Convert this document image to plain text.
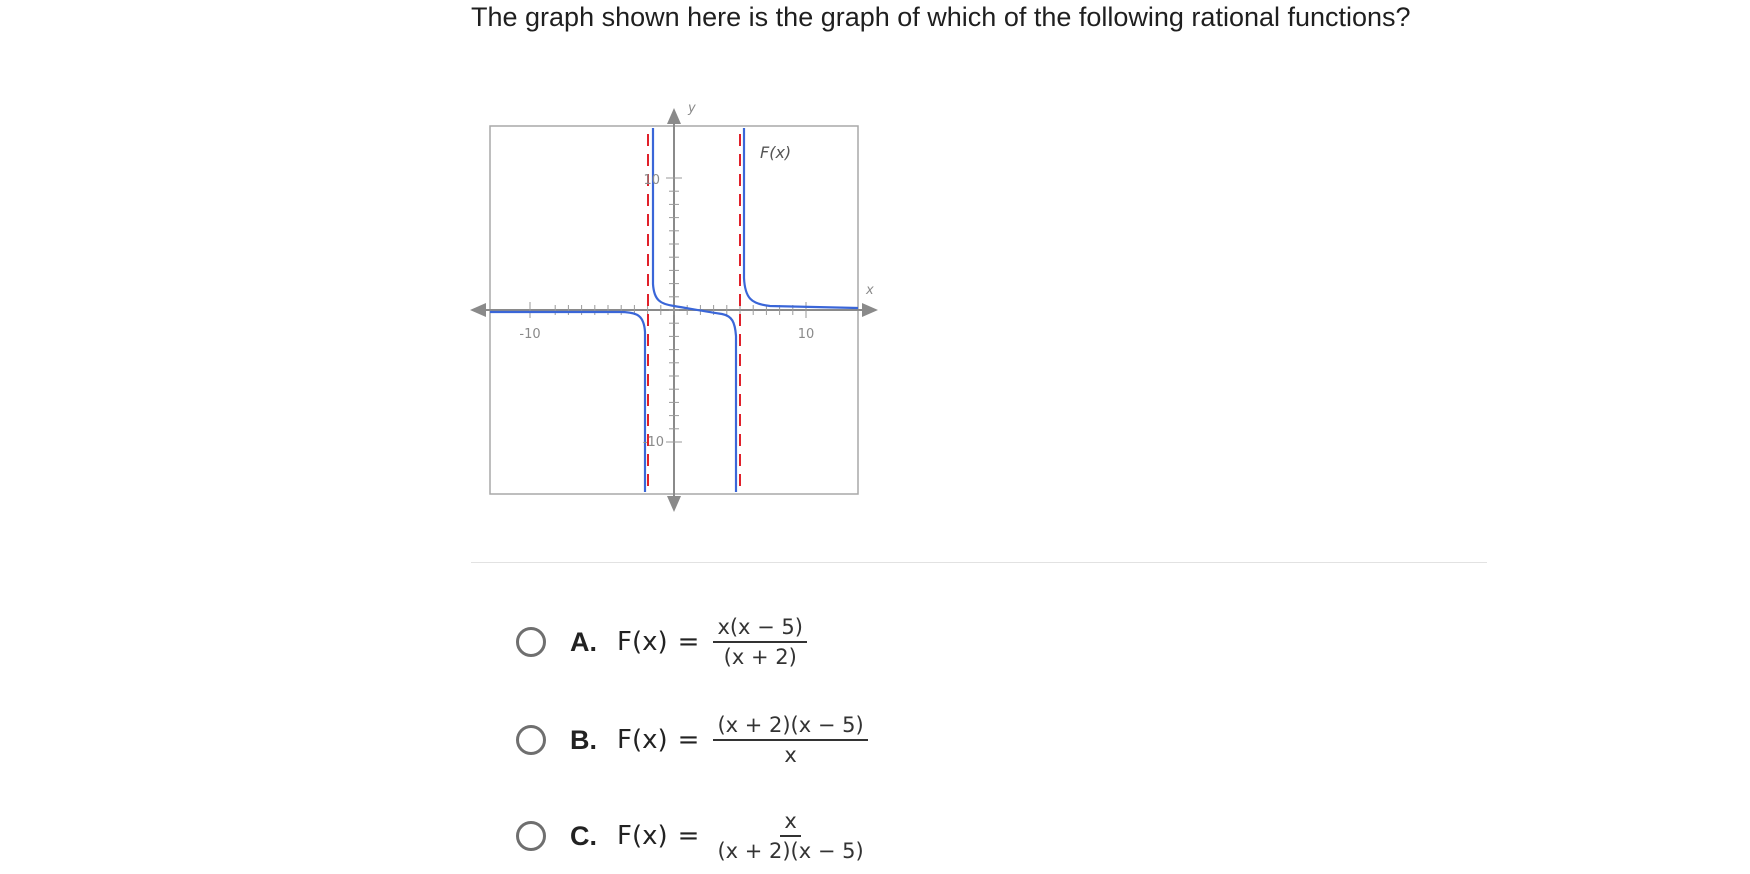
The graph shown here is the graph of which of the following rational functions?
y
x
F(x)
-10	10
10
-10
A. $F(x) = \frac{x(x - 5)}{(x + 2)}$
B. $F(x) = \frac{(x + 2)(x - 5)}{x}$
C. $F(x) = \frac{x}{(x + 2)(x - 5)}$
